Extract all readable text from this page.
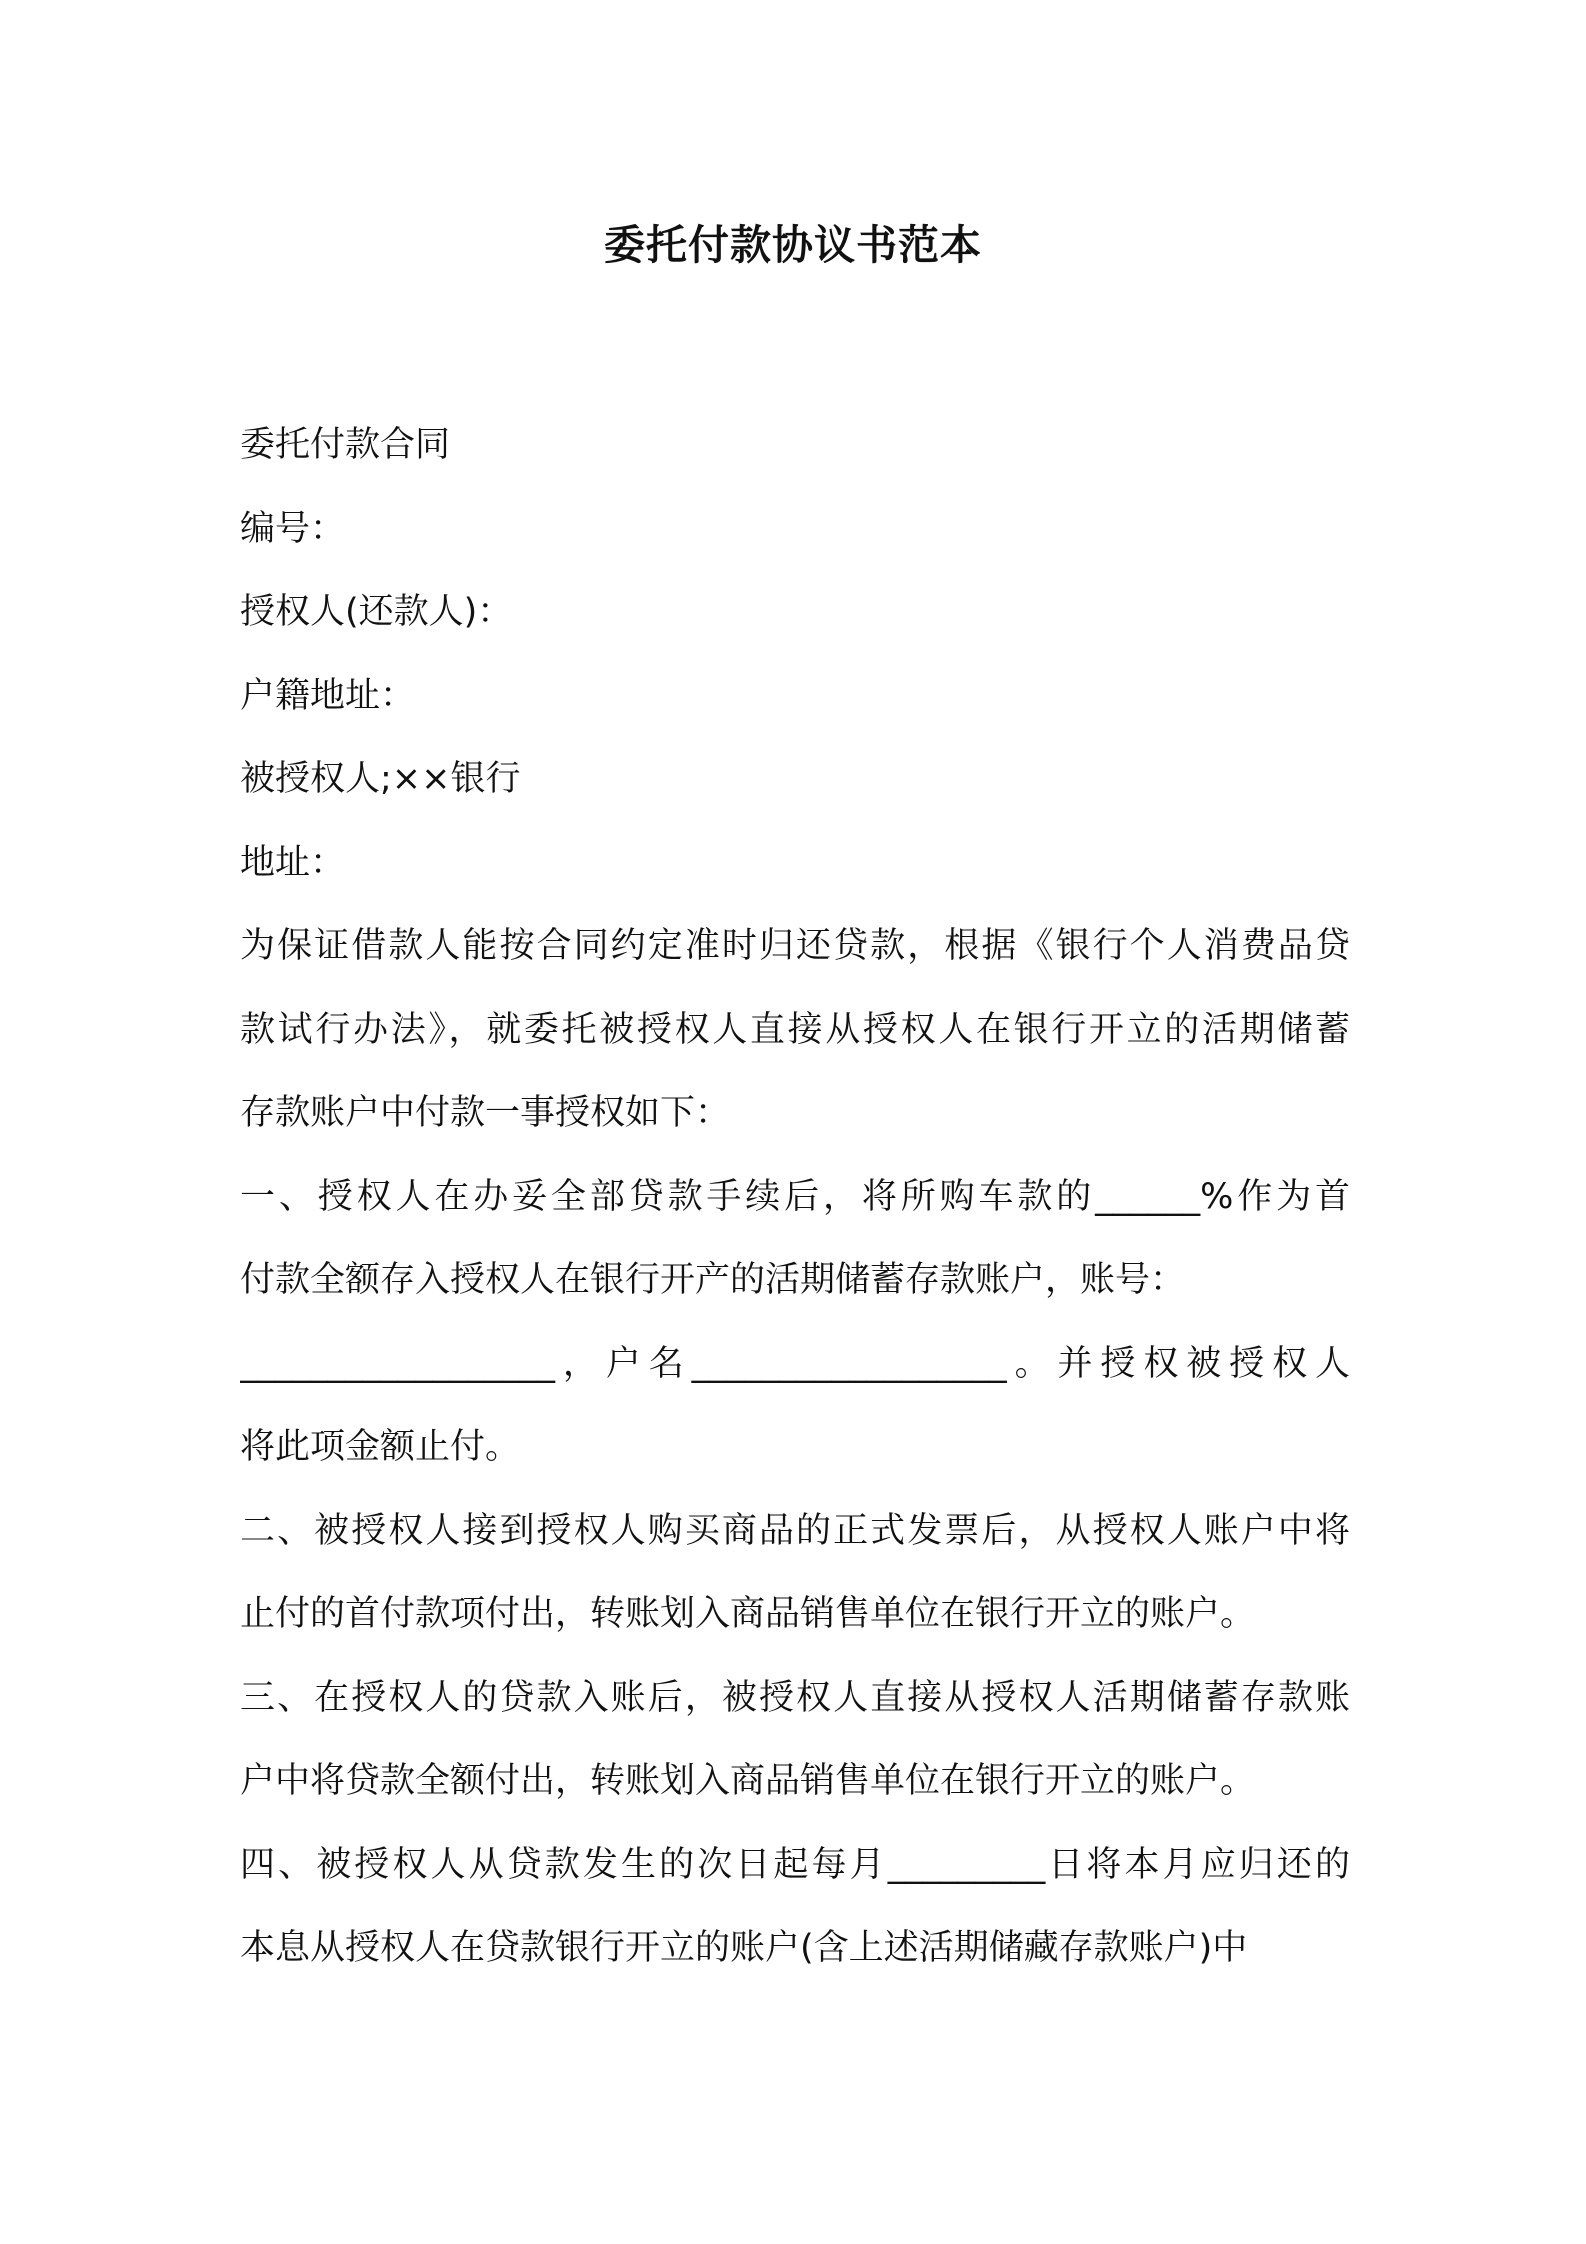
委托付款协议书范本
委托付款合同
编号：
授权人(还款人)：
户籍地址：
被授权人;××银行
地址：
为保证借款人能按合同约定准时归还贷款，根据《银行个人消费品贷
款试行办法》，就委托被授权人直接从授权人在银行开立的活期储蓄
存款账户中付款一事授权如下：
一、授权人在办妥全部贷款手续后，将所购车款的______%作为首
付款全额存入授权人在银行开产的活期储蓄存款账户，账号：
__________________，户名__________________。并授权被授权人
将此项金额止付。
二、被授权人接到授权人购买商品的正式发票后，从授权人账户中将
止付的首付款项付出，转账划入商品销售单位在银行开立的账户。
三、在授权人的贷款入账后，被授权人直接从授权人活期储蓄存款账
户中将贷款全额付出，转账划入商品销售单位在银行开立的账户。
四、被授权人从贷款发生的次日起每月_________日将本月应归还的
本息从授权人在贷款银行开立的账户(含上述活期储藏存款账户)中
